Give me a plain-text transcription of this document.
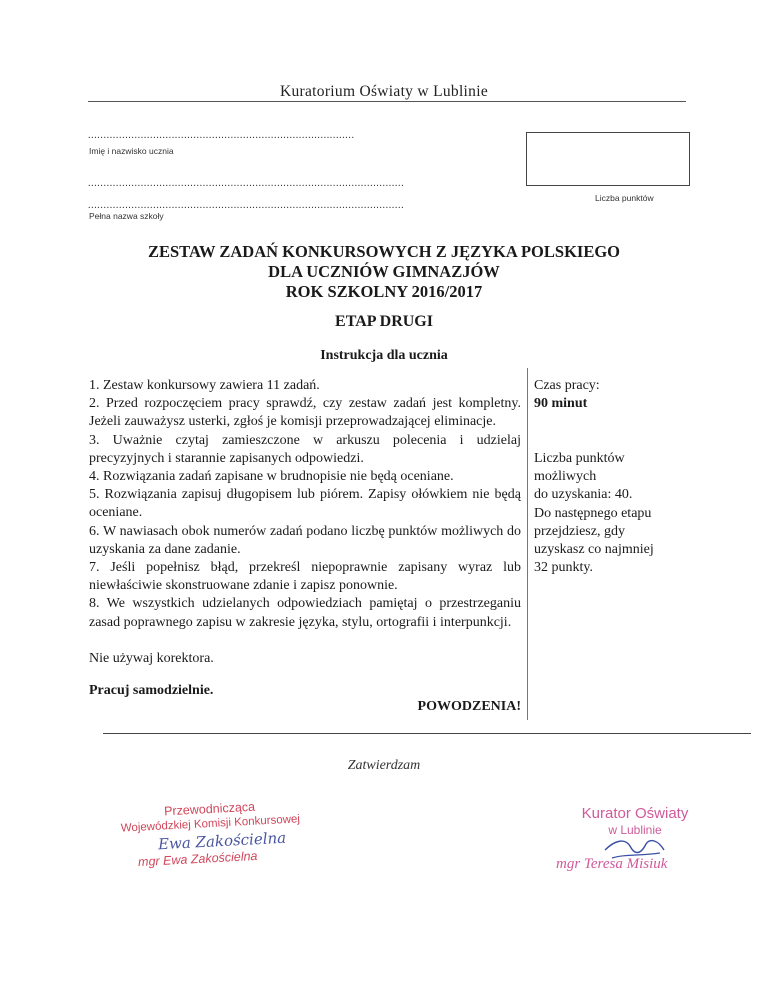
Kuratorium Oświaty w Lublinie
......................................................................................
Imię i nazwisko ucznia
......................................................................................................
......................................................................................................
Pełna nazwa szkoły
Liczba punktów
ZESTAW ZADAŃ KONKURSOWYCH Z JĘZYKA POLSKIEGO
DLA UCZNIÓW GIMNAZJÓW
ROK SZKOLNY 2016/2017
ETAP DRUGI
Instrukcja dla ucznia

1. Zestaw konkursowy zawiera 11 zadań.

2. Przed rozpoczęciem pracy sprawdź, czy zestaw zadań jest kompletny. Jeżeli zauważysz usterki, zgłoś je komisji przeprowadzającej eliminacje.

3. Uważnie czytaj zamieszczone w arkuszu polecenia i udzielaj precyzyjnych i starannie zapisanych odpowiedzi.

4. Rozwiązania zadań zapisane w brudnopisie nie będą oceniane.

5. Rozwiązania zapisuj długopisem lub piórem. Zapisy ołówkiem nie będą oceniane.

6. W nawiasach obok numerów zadań podano liczbę punktów możliwych do uzyskania za dane zadanie.

7. Jeśli popełnisz błąd, przekreśl niepoprawnie zapisany wyraz lub niewłaściwie skonstruowane zdanie i zapisz ponownie.

8. We wszystkich udzielanych odpowiedziach pamiętaj o przestrzeganiu zasad poprawnego zapisu w zakresie języka, stylu, ortografii i interpunkcji.

Nie używaj korektora.

Pracuj samodzielnie.

POWODZENIA!

Czas pracy:
90 minut
Liczba punktów
możliwych
do uzyskania: 40.
Do następnego etapu
przejdziesz, gdy
uzyskasz co najmniej
32 punkty.
Zatwierdzam
Przewodnicząca
Wojewódzkiej Komisji Konkursowej
Ewa Zakościelna
mgr Ewa Zakościelna
Kurator Oświaty
w Lublinie
mgr Teresa Misiuk
